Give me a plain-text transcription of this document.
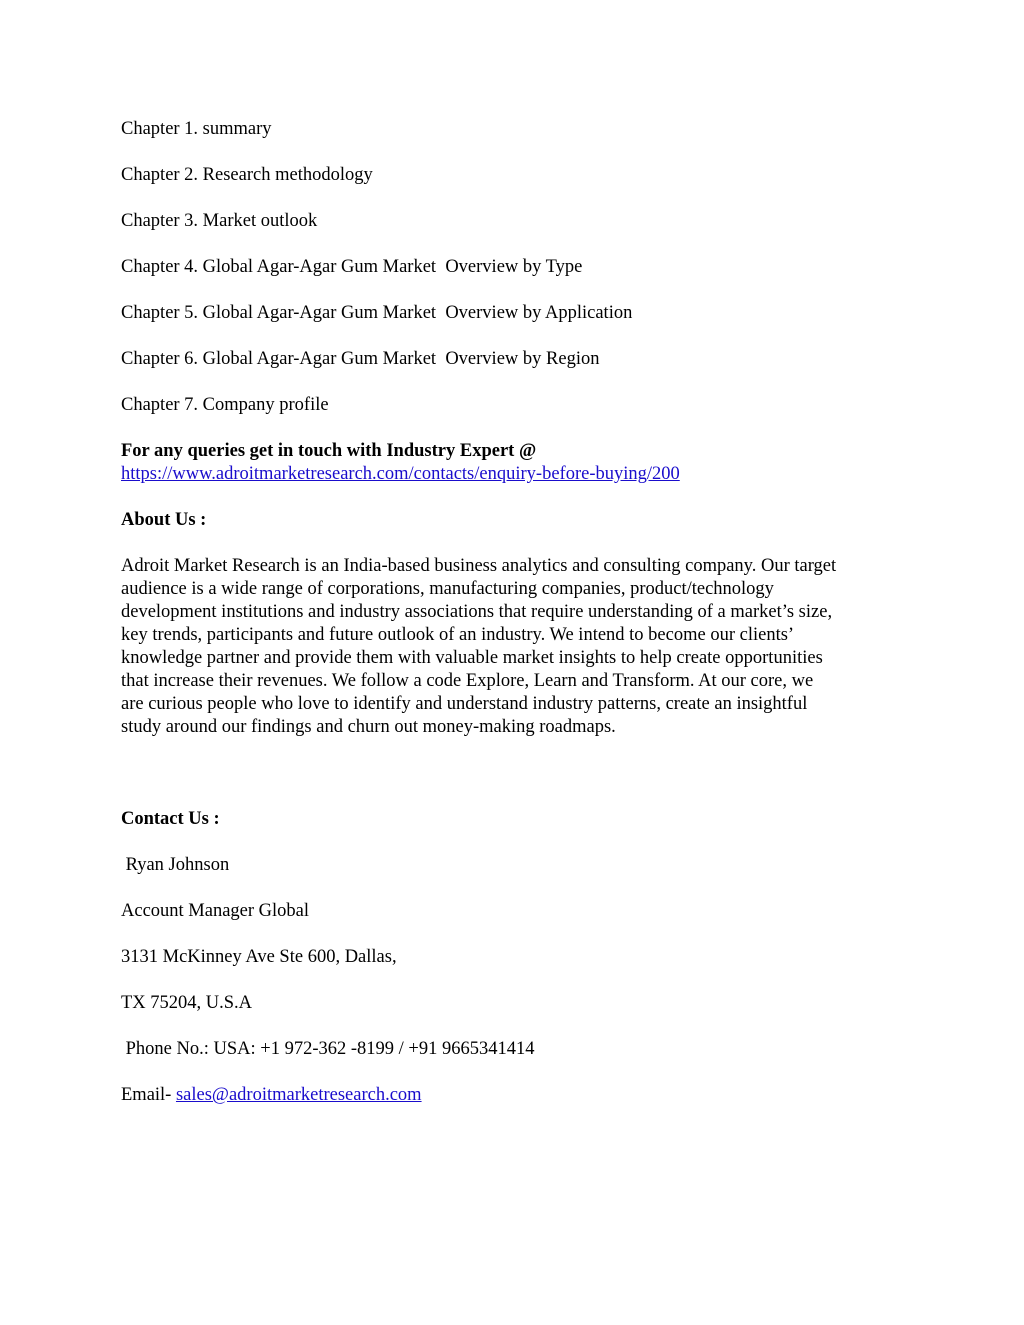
Chapter 1. summary

Chapter 2. Research methodology

Chapter 3. Market outlook

Chapter 4. Global Agar-Agar Gum Market  Overview by Type

Chapter 5. Global Agar-Agar Gum Market  Overview by Application

Chapter 6. Global Agar-Agar Gum Market  Overview by Region

Chapter 7. Company profile

For any queries get in touch with Industry Expert @
https://www.adroitmarketresearch.com/contacts/enquiry-before-buying/200

About Us :

Adroit Market Research is an India-based business analytics and consulting company. Our target
audience is a wide range of corporations, manufacturing companies, product/technology
development institutions and industry associations that require understanding of a market’s size,
key trends, participants and future outlook of an industry. We intend to become our clients’
knowledge partner and provide them with valuable market insights to help create opportunities
that increase their revenues. We follow a code Explore, Learn and Transform. At our core, we
are curious people who love to identify and understand industry patterns, create an insightful
study around our findings and churn out money-making roadmaps.

Contact Us :

Ryan Johnson

Account Manager Global

3131 McKinney Ave Ste 600, Dallas,

TX 75204, U.S.A

Phone No.: USA: +1 972-362 -8199 / +91 9665341414

Email- sales@adroitmarketresearch.com
